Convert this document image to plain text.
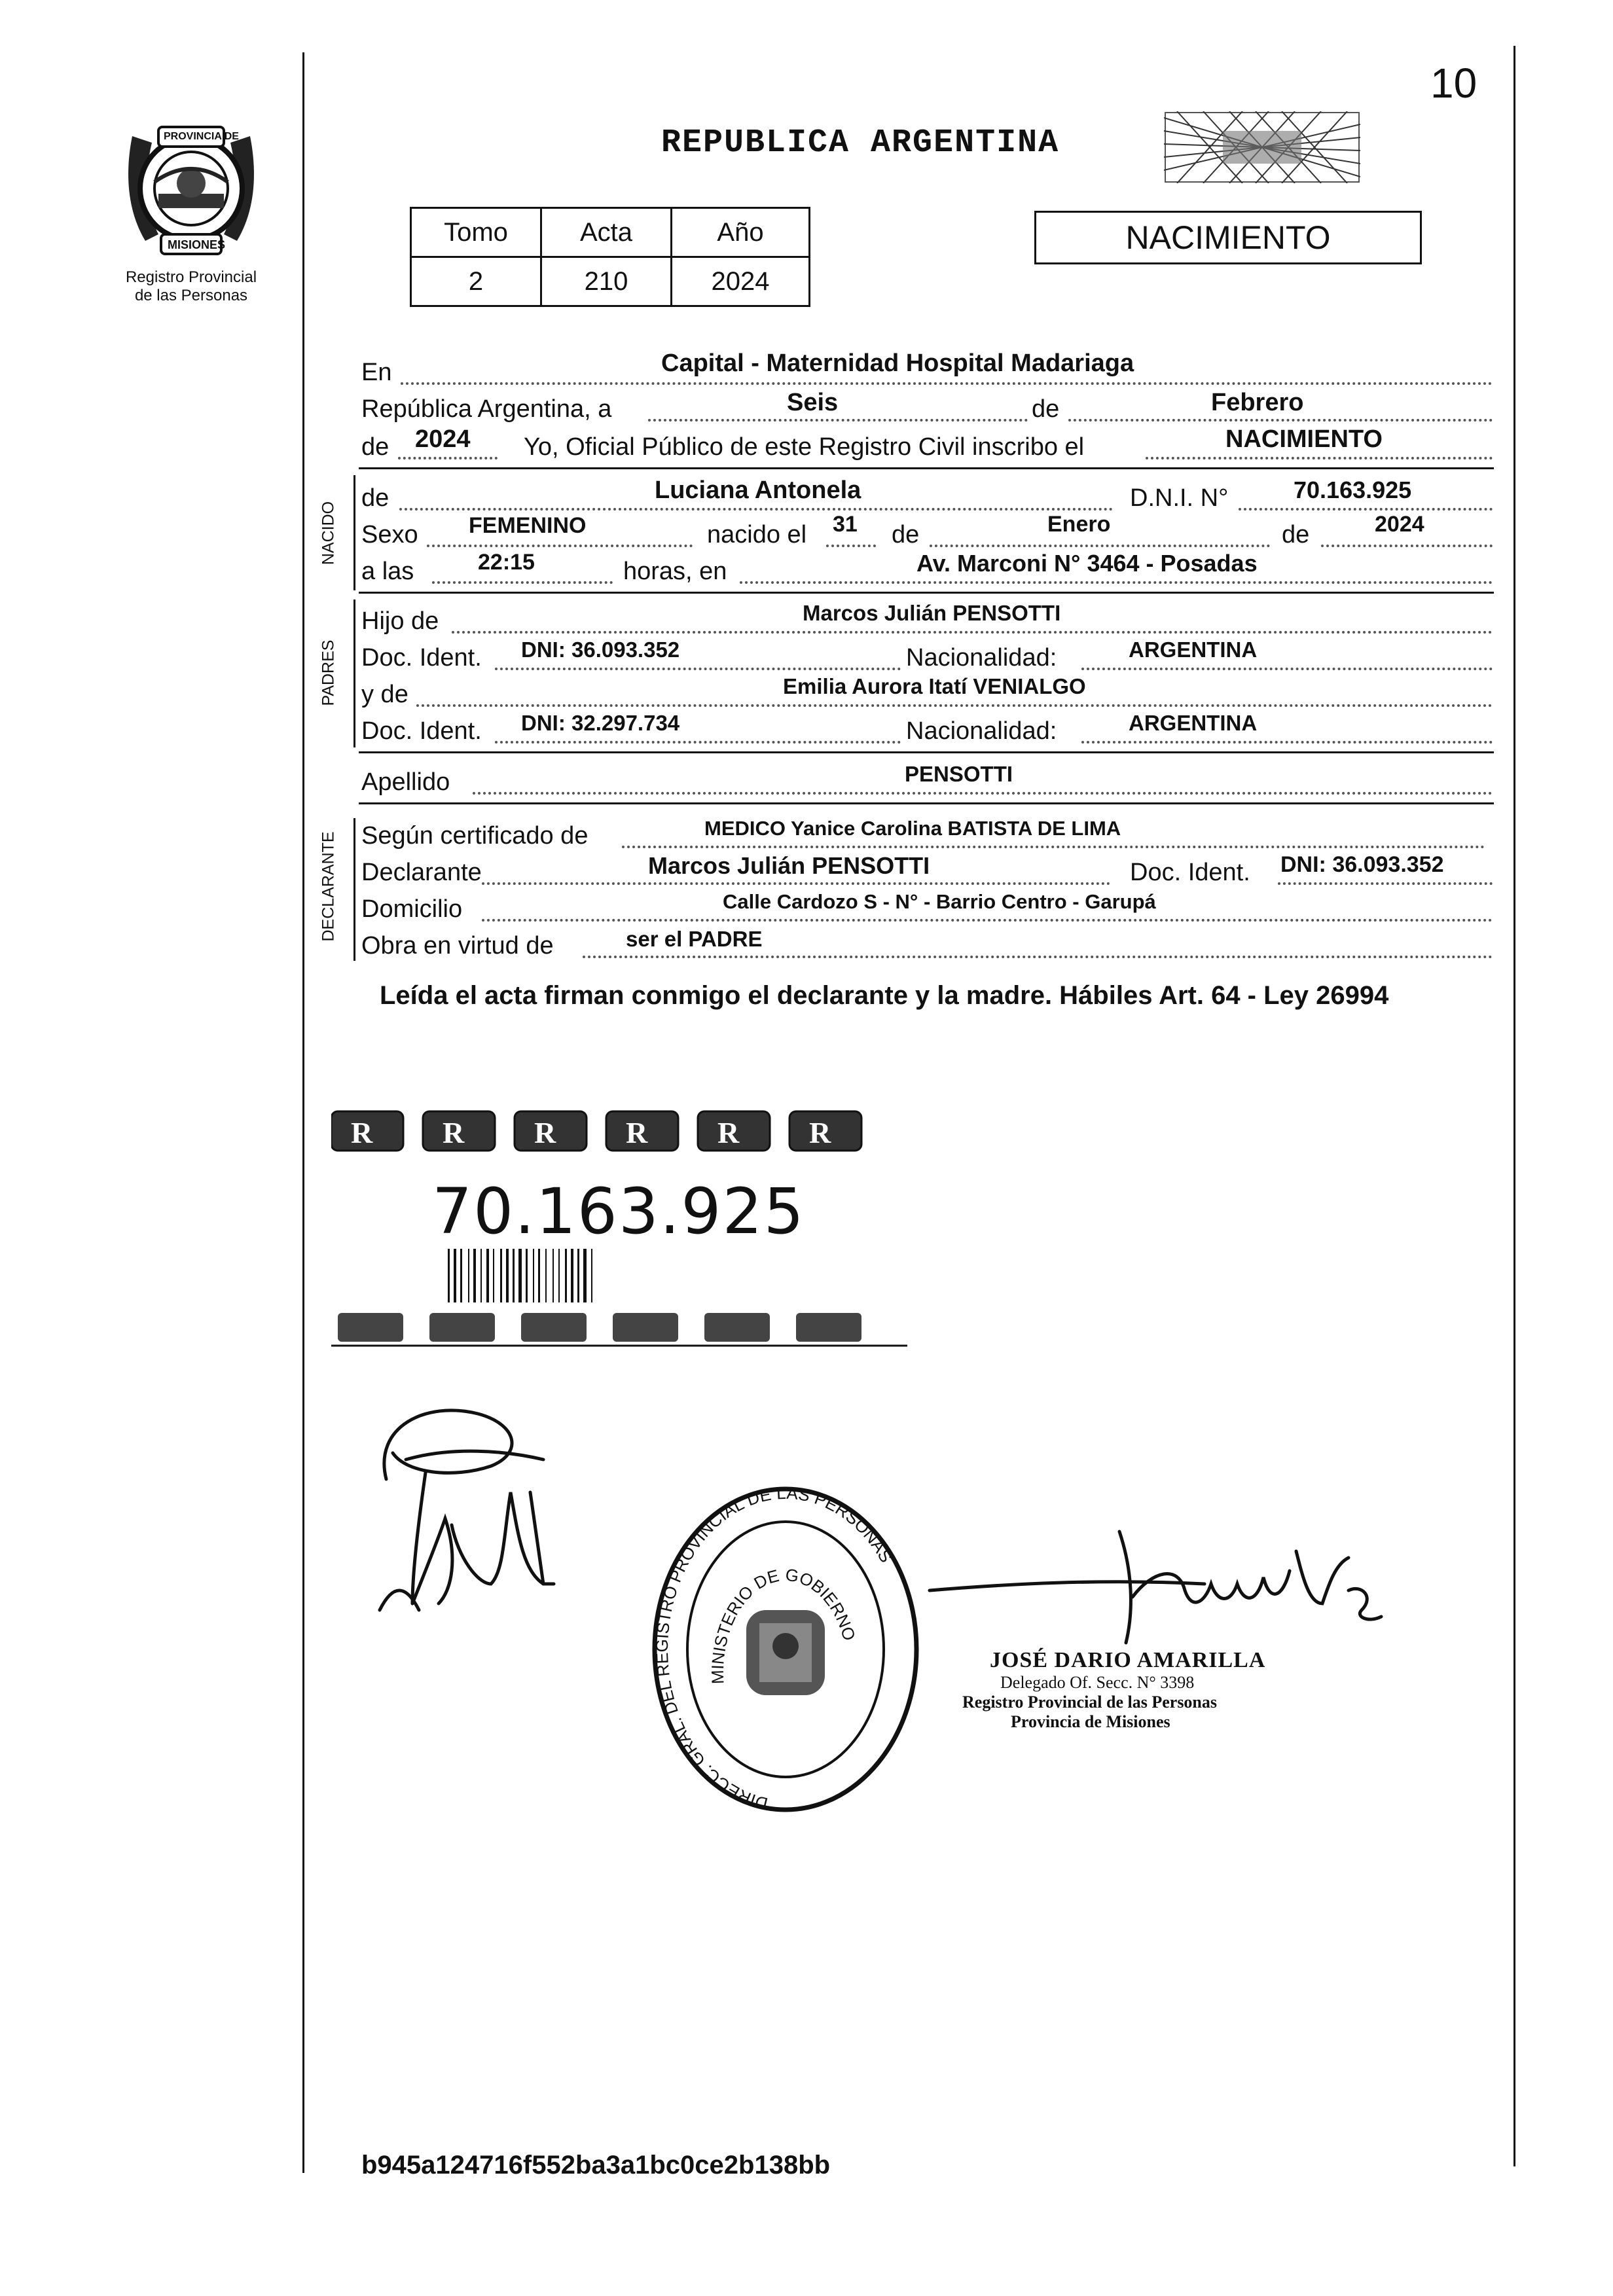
10
PROVINCIA DE
MISIONES
Registro Provincial
de las Personas
REPUBLICA ARGENTINA
Tomo	Acta	Año
2	210	2024
NACIMIENTO
En	Capital - Maternidad Hospital Madariaga
República Argentina, a	Seis	de	Febrero
de 2024 Yo, Oficial Público de este Registro Civil inscribo el	NACIMIENTO
NACIDO
de	Luciana Antonela	D.N.I. N°	70.163.925
Sexo FEMENINO	nacido el 31 de	Enero	de	2024
a las	22:15	horas, en	Av. Marconi N° 3464 - Posadas
PADRES
Hijo de	Marcos Julián PENSOTTI
Doc. Ident. DNI: 36.093.352	Nacionalidad:	ARGENTINA
y de	Emilia Aurora Itatí VENIALGO
Doc. Ident. DNI: 32.297.734	Nacionalidad:	ARGENTINA
Apellido	PENSOTTI
DECLARANTE Según certificado de	MEDICO Yanice Carolina BATISTA DE LIMA
Declarante	Marcos Julián PENSOTTI	Doc. Ident. DNI: 36.093.352
Domicilio	Calle Cardozo S - N° - Barrio Centro - Garupá
Obra en virtud de	ser el PADRE
Leída el acta firman conmigo el declarante y la madre. Hábiles Art. 64 - Ley 26994
R R R R R R
70.163.925
DIRECC. GRAL. DEL REGISTRO PROVINCIAL DE LAS PERSONAS
MINISTERIO DE GOBIERNO
JOSÉ DARIO AMARILLA
Delegado Of. Secc. N° 3398
Registro Provincial de las Personas
Provincia de Misiones
b945a124716f552ba3a1bc0ce2b138bb
